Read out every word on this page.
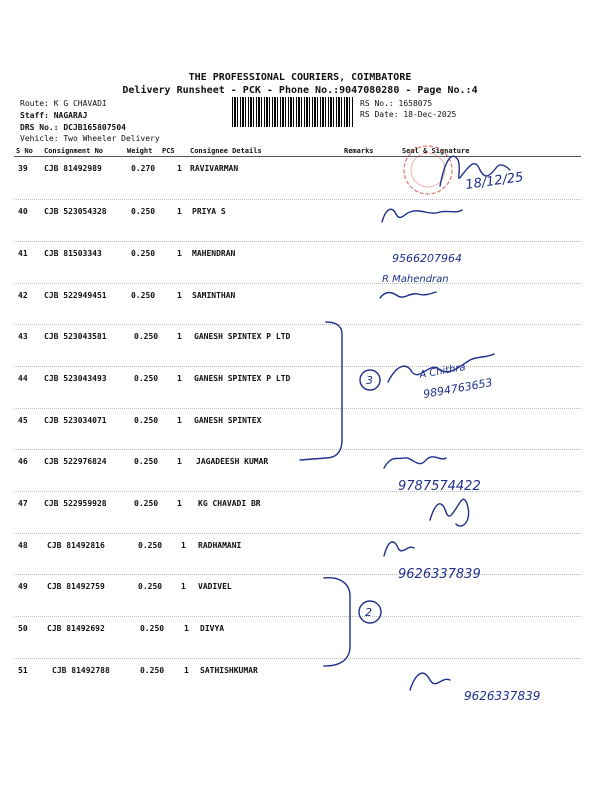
THE PROFESSIONAL COURIERS, COIMBATORE
Delivery Runsheet - PCK - Phone No.:9047080280 - Page No.:4
Route: K G CHAVADI
Staff: NAGARAJ
DRS No.: DCJB165807504
Vehicle: Two Wheeler Delivery
RS No.: 1658075
RS Date: 18-Dec-2025
S No Consignment No	Weight PCS Consignee Details	Remarks	Seal & Signature
39 CJB 81492989	0.270	1 RAVIVARMAN
40 CJB 523054328	0.250	1 PRIYA S
41 CJB 81503343	0.250	1 MAHENDRAN
42 CJB 522949451	0.250	1 SAMINTHAN
43 CJB 523043581	0.250 1 GANESH SPINTEX P LTD
44 CJB 523043493	0.250 1 GANESH SPINTEX P LTD
45 CJB 523034071	0.250 1 GANESH SPINTEX
46 CJB 522976824	0.250 1 JAGADEESH KUMAR
47 CJB 522959928	0.250 1 KG CHAVADI BR
48 CJB 81492816	0.250 1 RADHAMANI
49 CJB 81492759	0.250 1 VADIVEL
50 CJB 81492692	0.250 1 DIVYA
51	CJB 81492788	0.250 1 SATHISHKUMAR
18/12/25
9566207964
R Mahendran
3	A Chithra
9894763653
9787574422
9626337839
2
9626337839
